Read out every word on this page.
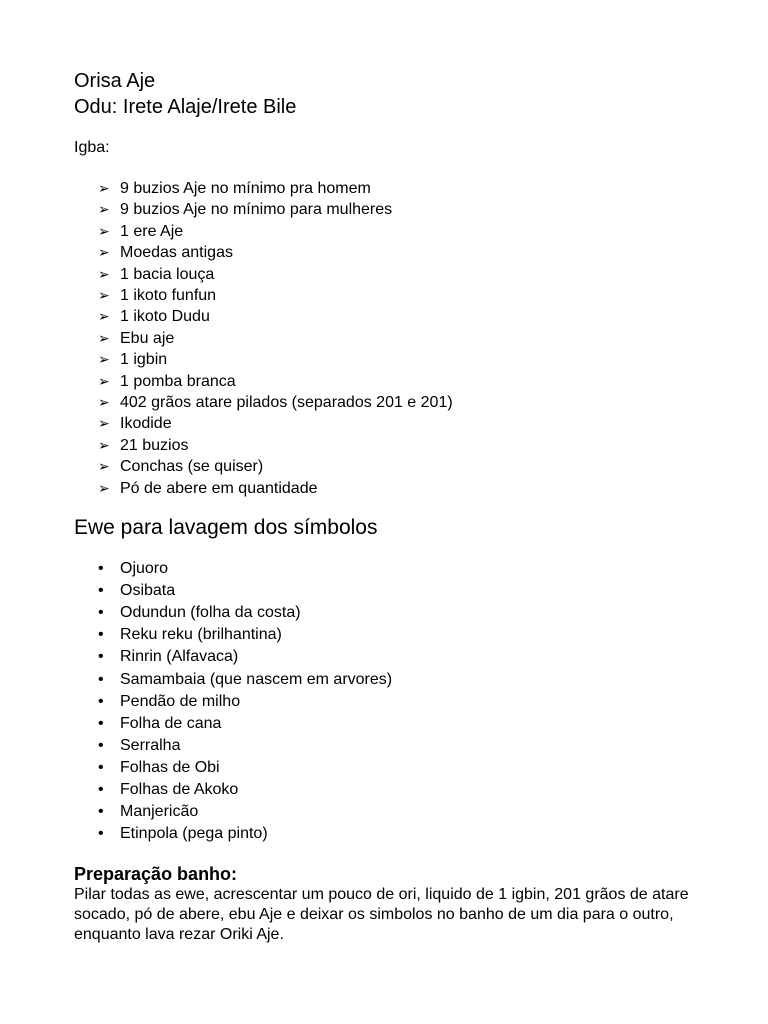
Orisa Aje
Odu: Irete Alaje/Irete Bile

Igba:

➢ 9 buzios Aje no mínimo pra homem
➢ 9 buzios Aje no mínimo para mulheres
➢ 1 ere Aje
➢ Moedas antigas
➢ 1 bacia louça
➢ 1 ikoto funfun
➢ 1 ikoto Dudu
➢ Ebu aje
➢ 1 igbin
➢ 1 pomba branca
➢ 402 grãos atare pilados (separados 201 e 201)
➢ Ikodide
➢ 21 buzios
➢ Conchas (se quiser)
➢ Pó de abere em quantidade
Ewe para lavagem dos símbolos
• Ojuoro
• Osibata
• Odundun (folha da costa)
• Reku reku (brilhantina)
• Rinrin (Alfavaca)
• Samambaia (que nascem em arvores)
• Pendão de milho
• Folha de cana
• Serralha
• Folhas de Obi
• Folhas de Akoko
• Manjericão
• Etinpola (pega pinto)
Preparação banho:

Pilar todas as ewe, acrescentar um pouco de ori, liquido de 1 igbin, 201 grãos de atare socado, pó de abere, ebu Aje e deixar os simbolos no banho de um dia para o outro, enquanto lava rezar Oriki Aje.
